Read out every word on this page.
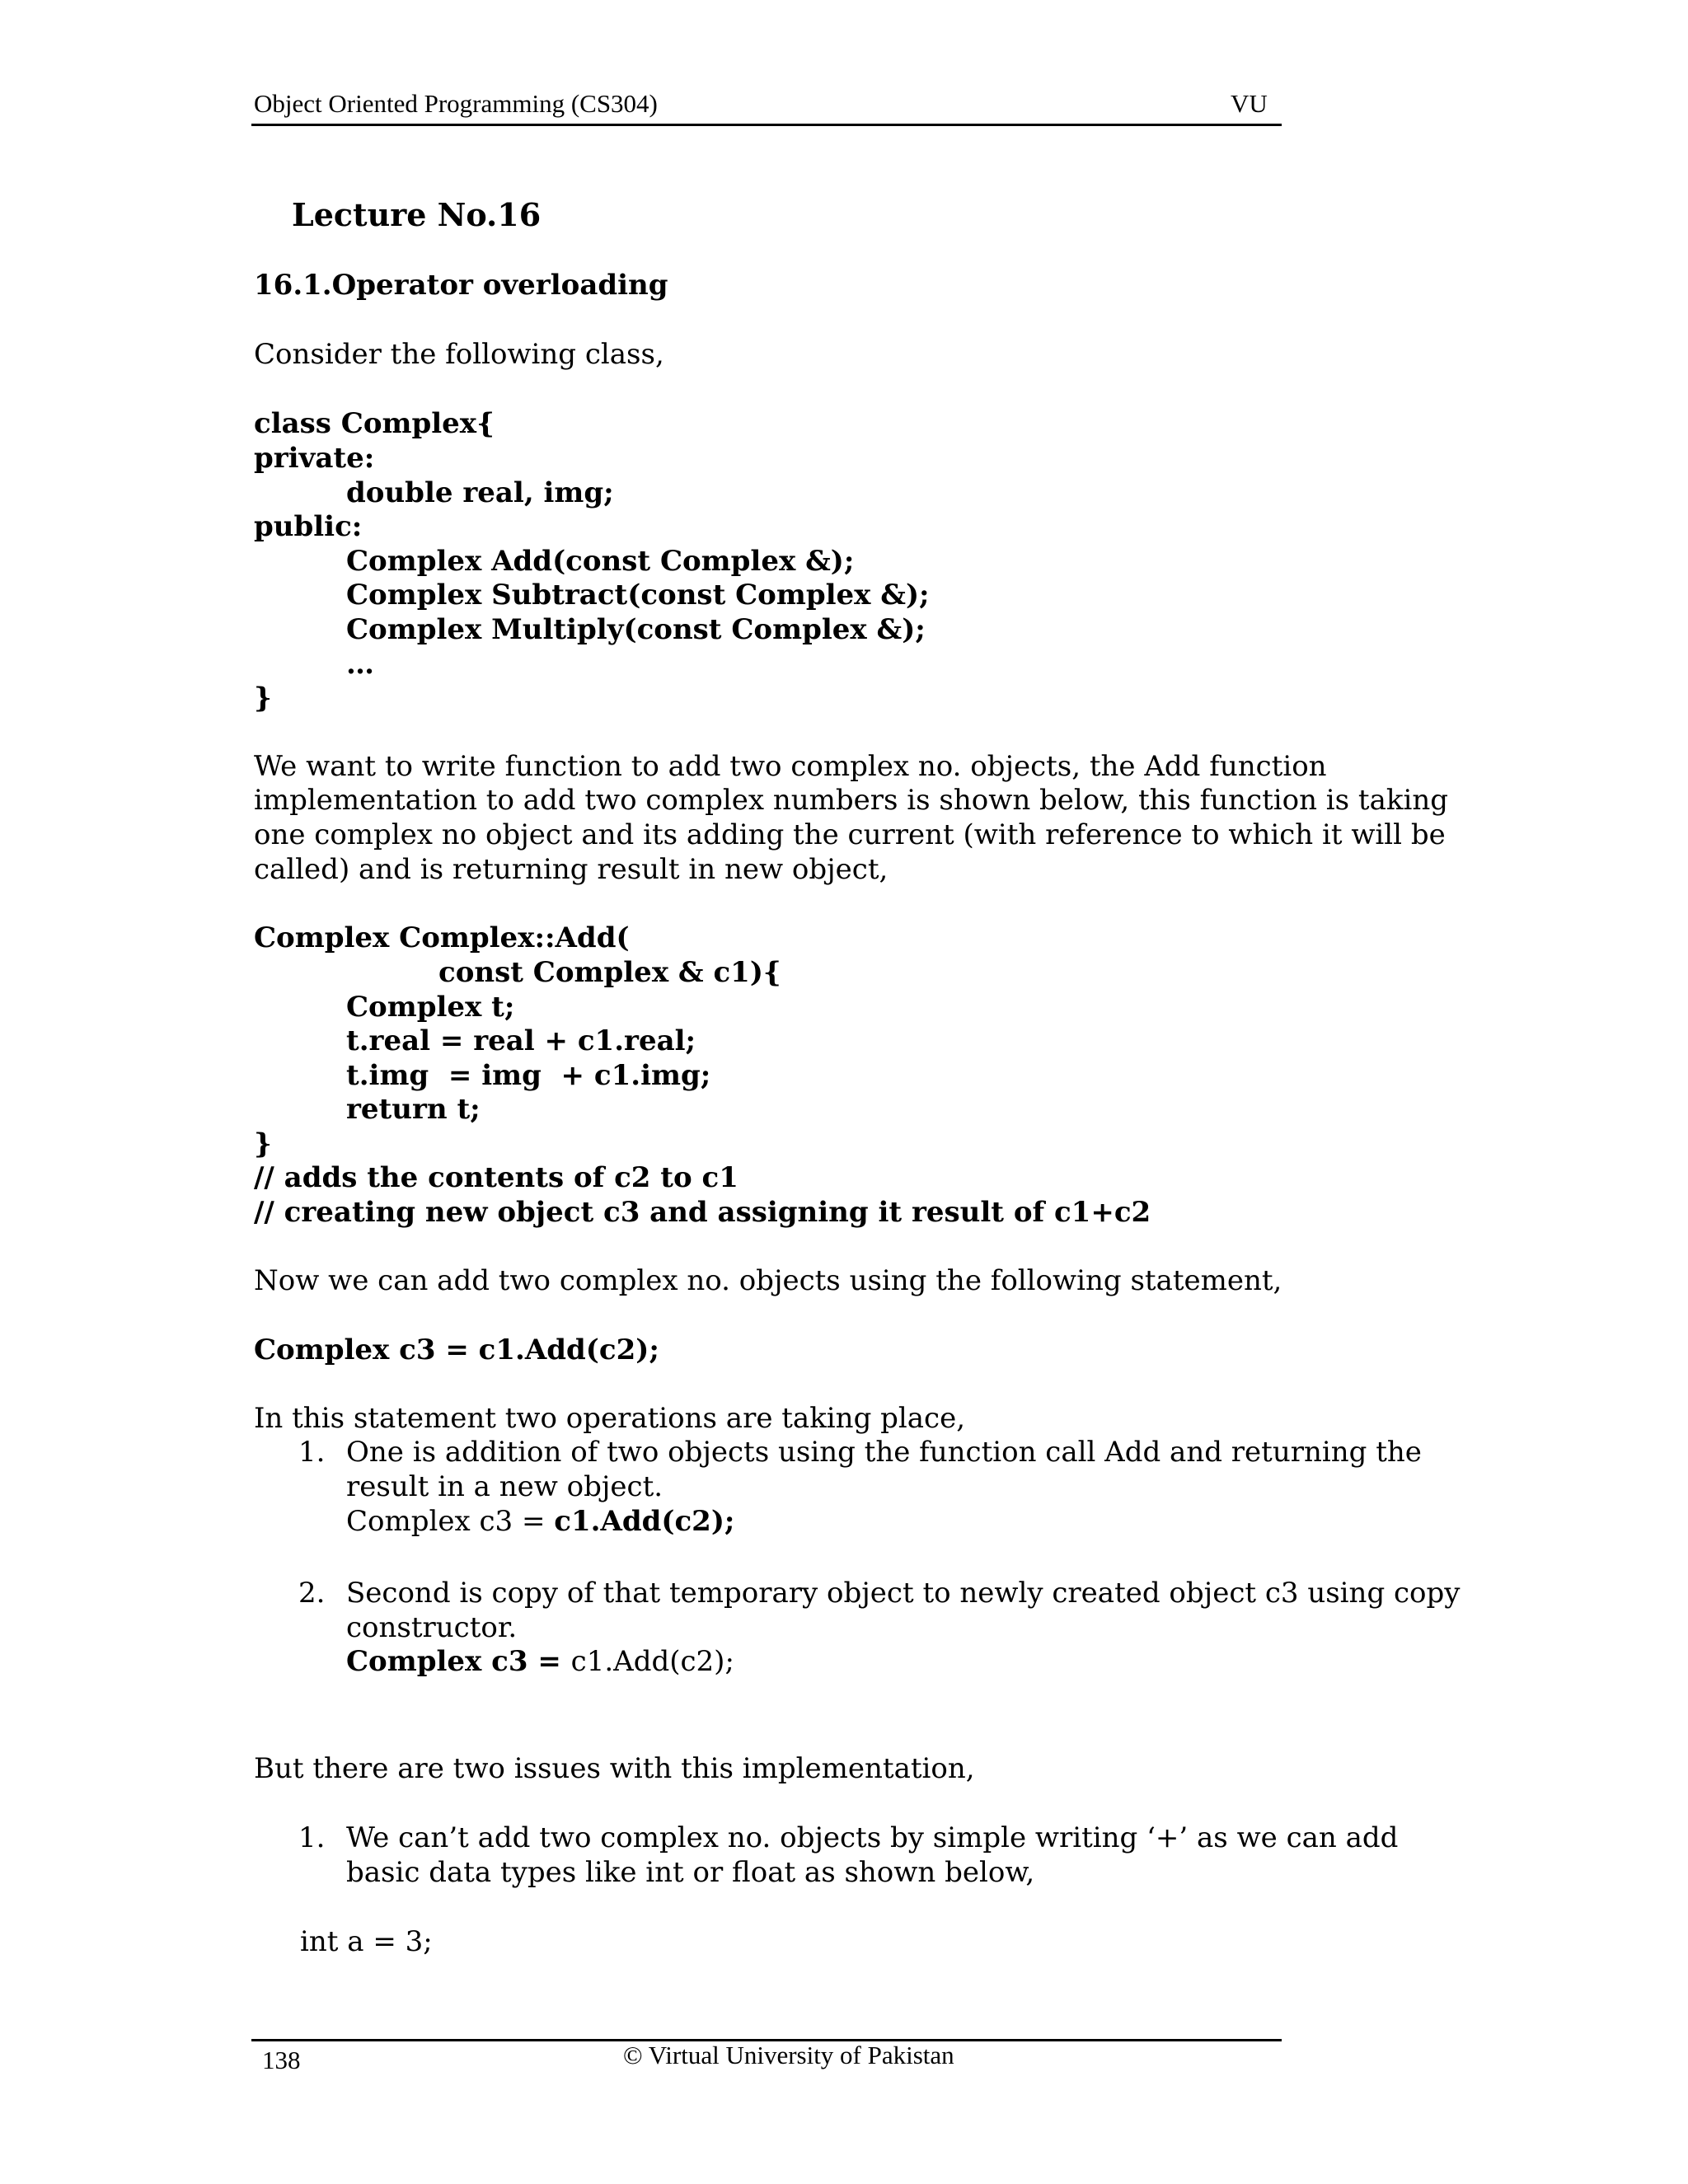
Object Oriented Programming (CS304)	VU
Lecture No.16
16.1.Operator overloading
Consider the following class,
class Complex{
private:
double real, img;
public:
Complex Add(const Complex &);
Complex Subtract(const Complex &);
Complex Multiply(const Complex &);
…
}
We want to write function to add two complex no. objects, the Add function
implementation to add two complex numbers is shown below, this function is taking
one complex no object and its adding the current (with reference to which it will be
called) and is returning result in new object,
Complex Complex::Add(
const Complex & c1){
Complex t;
t.real = real + c1.real;
t.img  = img  + c1.img;
return t;
}
// adds the contents of c2 to c1
// creating new object c3 and assigning it result of c1+c2
Now we can add two complex no. objects using the following statement,
Complex c3 = c1.Add(c2);
In this statement two operations are taking place,
1. One is addition of two objects using the function call Add and returning the
result in a new object.
Complex c3 = c1.Add(c2);
2. Second is copy of that temporary object to newly created object c3 using copy
constructor.
Complex c3 = c1.Add(c2);
But there are two issues with this implementation,
1. We can’t add two complex no. objects by simple writing ‘+’ as we can add
basic data types like int or float as shown below,
int a = 3;
138	© Virtual University of Pakistan
